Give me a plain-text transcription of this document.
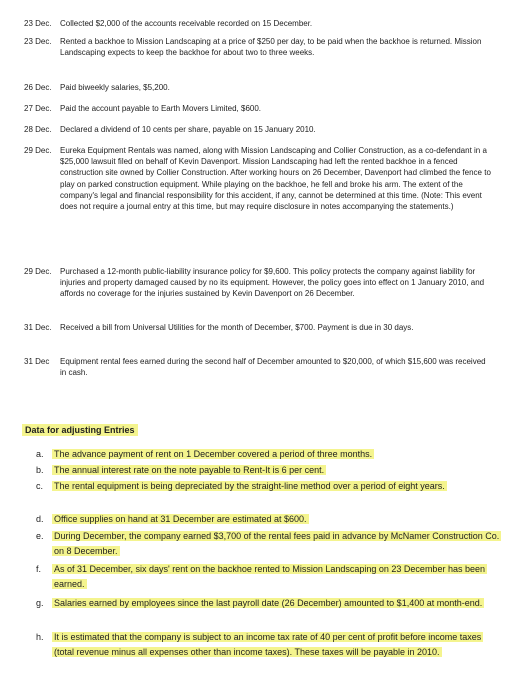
23 Dec.	Collected $2,000 of the accounts receivable recorded on 15 December.
23 Dec.	Rented a backhoe to Mission Landscaping at a price of $250 per day, to be paid when the backhoe is returned. Mission Landscaping expects to keep the backhoe for about two to three weeks.
26 Dec.	Paid biweekly salaries, $5,200.
27 Dec.	Paid the account payable to Earth Movers Limited, $600.
28 Dec.	Declared a dividend of 10 cents per share, payable on 15 January 2010.
29 Dec.	Eureka Equipment Rentals was named, along with Mission Landscaping and Collier Construction, as a co-defendant in a $25,000 lawsuit filed on behalf of Kevin Davenport. Mission Landscaping had left the rented backhoe in a fenced construction site owned by Collier Construction. After working hours on 26 December, Davenport had climbed the fence to play on parked construction equipment. While playing on the backhoe, he fell and broke his arm. The extent of the company's legal and financial responsibility for this accident, if any, cannot be determined at this time. (Note: This event does not require a journal entry at this time, but may require disclosure in notes accompanying the statements.)
29 Dec.	Purchased a 12-month public-liability insurance policy for $9,600. This policy protects the company against liability for injuries and property damaged caused by no its equipment. However, the policy goes into effect on 1 January 2010, and affords no coverage for the injuries sustained by Kevin Davenport on 26 December.
31 Dec.	Received a bill from Universal Utilities for the month of December, $700. Payment is due in 30 days.
31 Dec	Equipment rental fees earned during the second half of December amounted to $20,000, of which $15,600 was received in cash.
Data for adjusting Entries
a.	The advance payment of rent on 1 December covered a period of three months.
b.	The annual interest rate on the note payable to Rent-It is 6 per cent.
c.	The rental equipment is being depreciated by the straight-line method over a period of eight years.
d.	Office supplies on hand at 31 December are estimated at $600.
e.	During December, the company earned $3,700 of the rental fees paid in advance by McNamer Construction Co. on 8 December.
f.	As of 31 December, six days' rent on the backhoe rented to Mission Landscaping on 23 December has been earned.
g.	Salaries earned by employees since the last payroll date (26 December) amounted to $1,400 at month-end.
h.	It is estimated that the company is subject to an income tax rate of 40 per cent of profit before income taxes (total revenue minus all expenses other than income taxes). These taxes will be payable in 2010.
